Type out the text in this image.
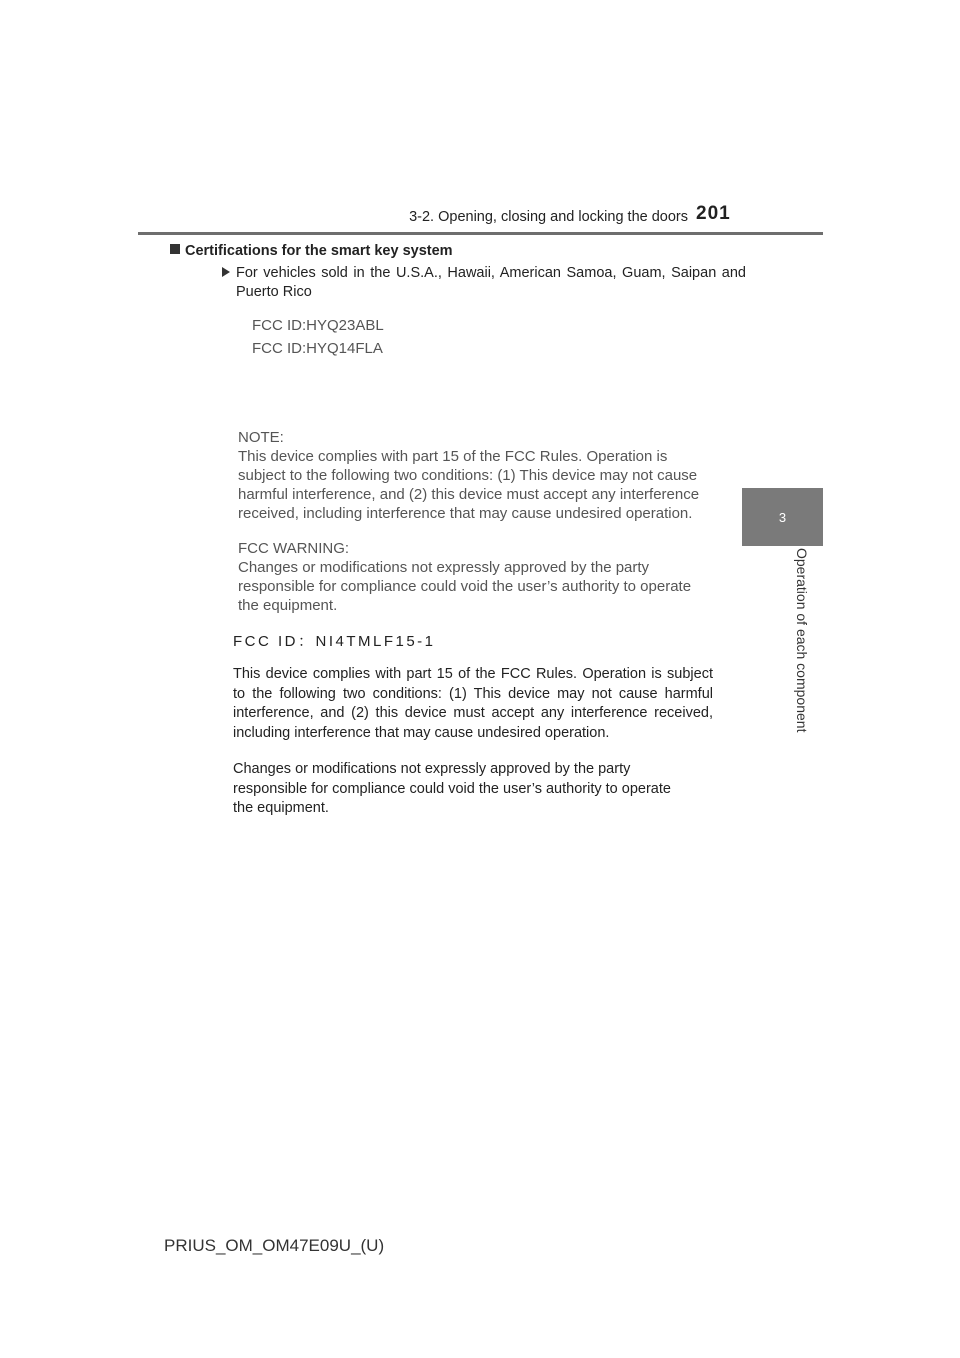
3-2. Opening, closing and locking the doors 201
3
Operation of each component
Certifications for the smart key system
For vehicles sold in the U.S.A., Hawaii, American Samoa, Guam, Saipan and Puerto Rico
FCC ID:HYQ23ABL
FCC ID:HYQ14FLA

NOTE:

This device complies with part 15 of the FCC Rules. Operation is

subject to the following two conditions: (1) This device may not cause

harmful interference, and (2) this device must accept any interference

received, including interference that may cause undesired operation.

FCC WARNING:

Changes or modifications not expressly approved by the party

responsible for compliance could void the user’s authority to operate

the equipment.

FCC ID：NI4TMLF15-1
This device complies with part 15 of the FCC Rules. Operation is subject to the following two conditions: (1) This device may not cause harmful interference, and (2) this device must accept any interference received, including interference that may cause undesired operation.
Changes or modifications not expressly approved by the party
responsible for compliance could void the user’s authority to operate
the equipment.
PRIUS_OM_OM47E09U_(U)
